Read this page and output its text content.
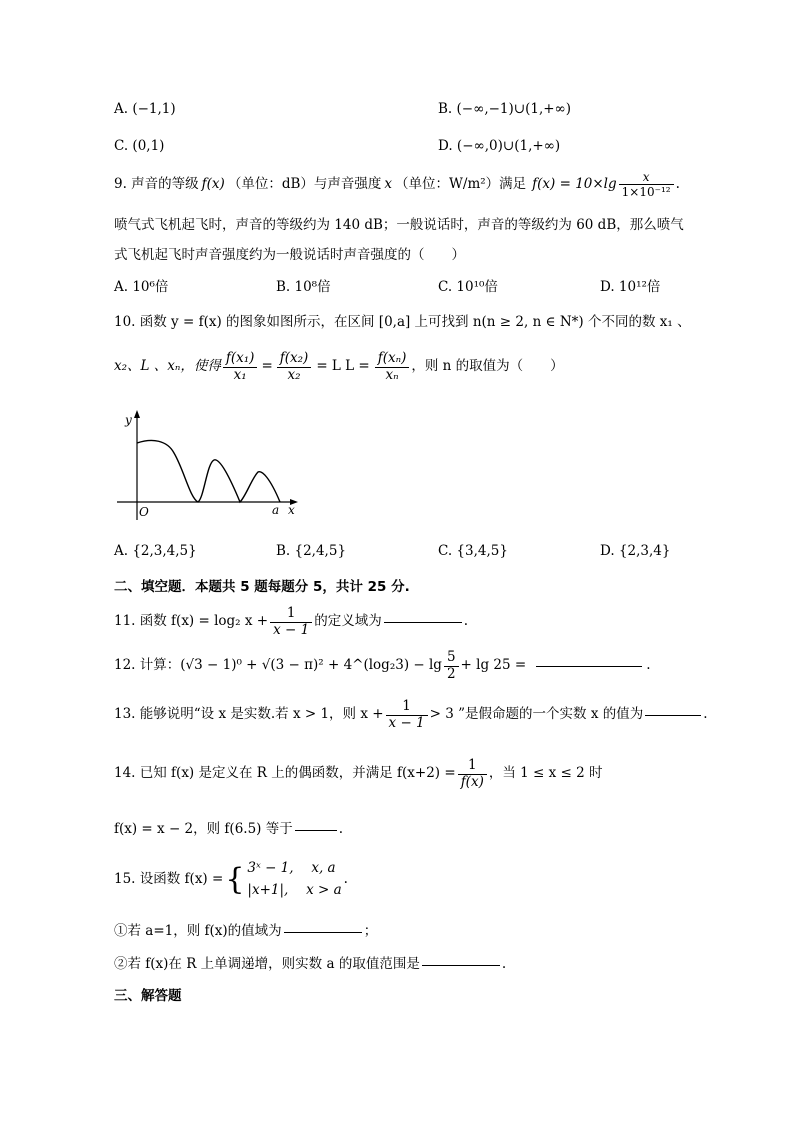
A. (−1,1)	B. (−∞,−1)∪(1,+∞)
C. (0,1)	D. (−∞,0)∪(1,+∞)
9. 声音的等级 f(x) （单位：dB）与声音强度 x （单位：W/m²）满足 $f(x) = 10\times\lg \frac{x}{\text{1×10⁻¹²}}$ .
喷气式飞机起飞时，声音的等级约为 140 dB；一般说话时，声音的等级约为 60 dB，那么喷气
式飞机起飞时声音强度约为一般说话时声音强度的（　　）
A. 10⁶倍	B. 10⁸倍	C. 10¹⁰倍	D. 10¹²倍
10. 函数 y = f(x) 的图象如图所示，在区间 [0,a] 上可找到 n(n ≥ 2, n ∈ N*) 个不同的数 x₁ 、
x₂、L 、xₙ，使得 $\frac{\text{f(x₁)}}{\text{x₁}} = \frac{\text{f(x₂)}}{\text{x₂}} = L$ $L = \frac{\text{f(xₙ)}}{\text{xₙ}}$ ，则 n 的取值为（　　）
y
x
O	a
A. {2,3,4,5}	B. {2,4,5}	C. {3,4,5}	D. {2,3,4}
二、填空题．本题共 5 题每题分 5，共计 25 分.
11. 函数 f(x) = log₂ $x + \frac{1}{x - 1}$ 的定义域为	.
12. 计算：(√3 − 1)⁰ + √(3 − π)² + 4^(log₂3) − $\lg \frac{5}{2} + \lg 25$ =	.
13. 能够说明“设 x 是实数.若 x > 1，则 $x + \frac{1}{x - 1} > 3$ ”是假命题的一个实数 x 的值为	.
14. 已知 f(x) 是定义在 R 上的偶函数，并满足 $f(x+2) = \frac{1}{f(x)}$ ，当 1 ≤ x ≤ 2 时
f(x) = x − 2，则 f(6.5) 等于	.
15. 设函数 f(x) = { 3ˣ − 1,　 x, a
|x+1|,　 x > a
.
①若 a=1，则 f(x)的值域为	；
②若 f(x)在 R 上单调递增，则实数 a 的取值范围是	.
三、解答题
